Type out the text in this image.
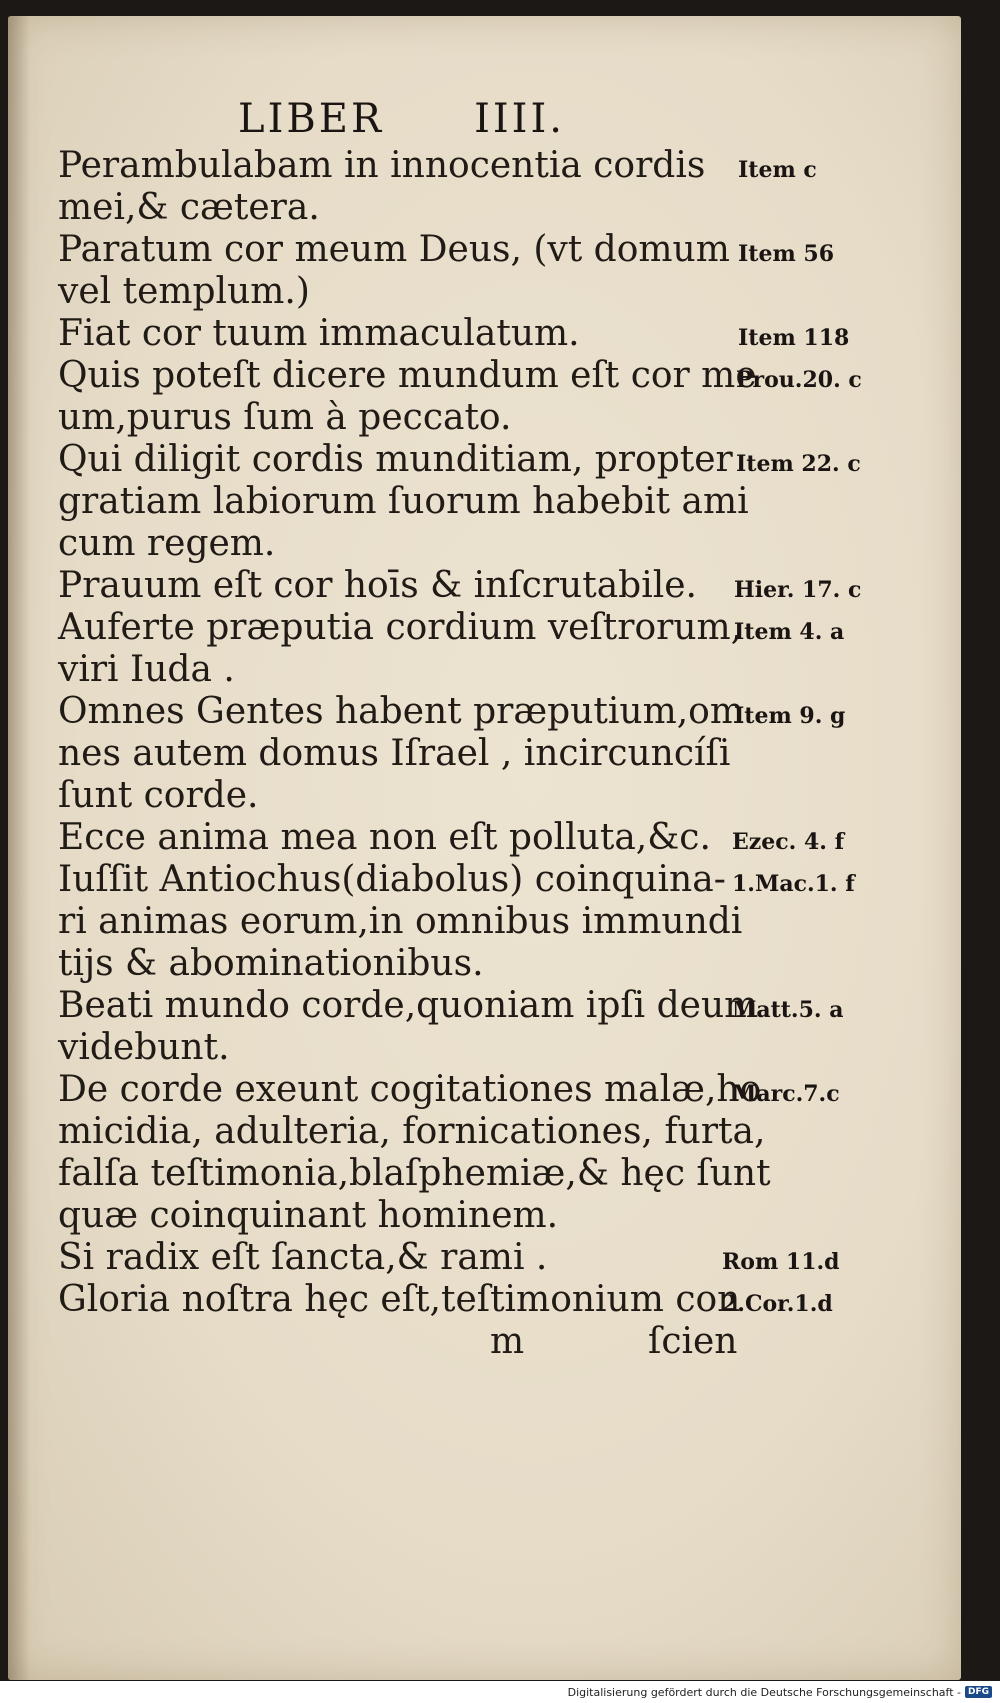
LIBER IIII.
Perambulabam in innocentia cordis
mei,& cætera.
Paratum cor meum Deus, (vt domum
vel templum.)
Fiat cor tuum immaculatum.
Quis poteſt dicere mundum eſt cor me
um,purus ſum à peccato.
Qui diligit cordis munditiam, propter
gratiam labiorum ſuorum habebit ami
cum regem.
Prauum eſt cor hoīs & inſcrutabile.
Auferte præputia cordium veſtrorum,
viri Iuda .
Omnes Gentes habent præputium,om
nes autem domus Iſrael , incircuncíſi
ſunt corde.
Ecce anima mea non eſt polluta,&c.
Iuſſit Antiochus(diabolus) coinquina-
ri animas eorum,in omnibus immundi
tijs & abominationibus.
Beati mundo corde,quoniam ipſi deum
videbunt.
De corde exeunt cogitationes malæ,ho
micidia, adulteria, fornicationes, furta,
falſa teſtimonia,blaſphemiæ,& hęc ſunt
quæ coinquinant hominem.
Si radix eſt ſancta,& rami .
Gloria noſtra hęc eſt,teſtimonium con
m	ſcien
Item c
Item 56
Item 118
Prou.20. c
Item 22. c
Hier. 17. c
Item 4. a
Item 9. g
Ezec. 4. f
1.Mac.1. f
Matt.5. a
Marc.7.c
Rom 11.d
2.Cor.1.d
Digitalisierung gefördert durch die Deutsche Forschungsgemeinschaft - DFG
